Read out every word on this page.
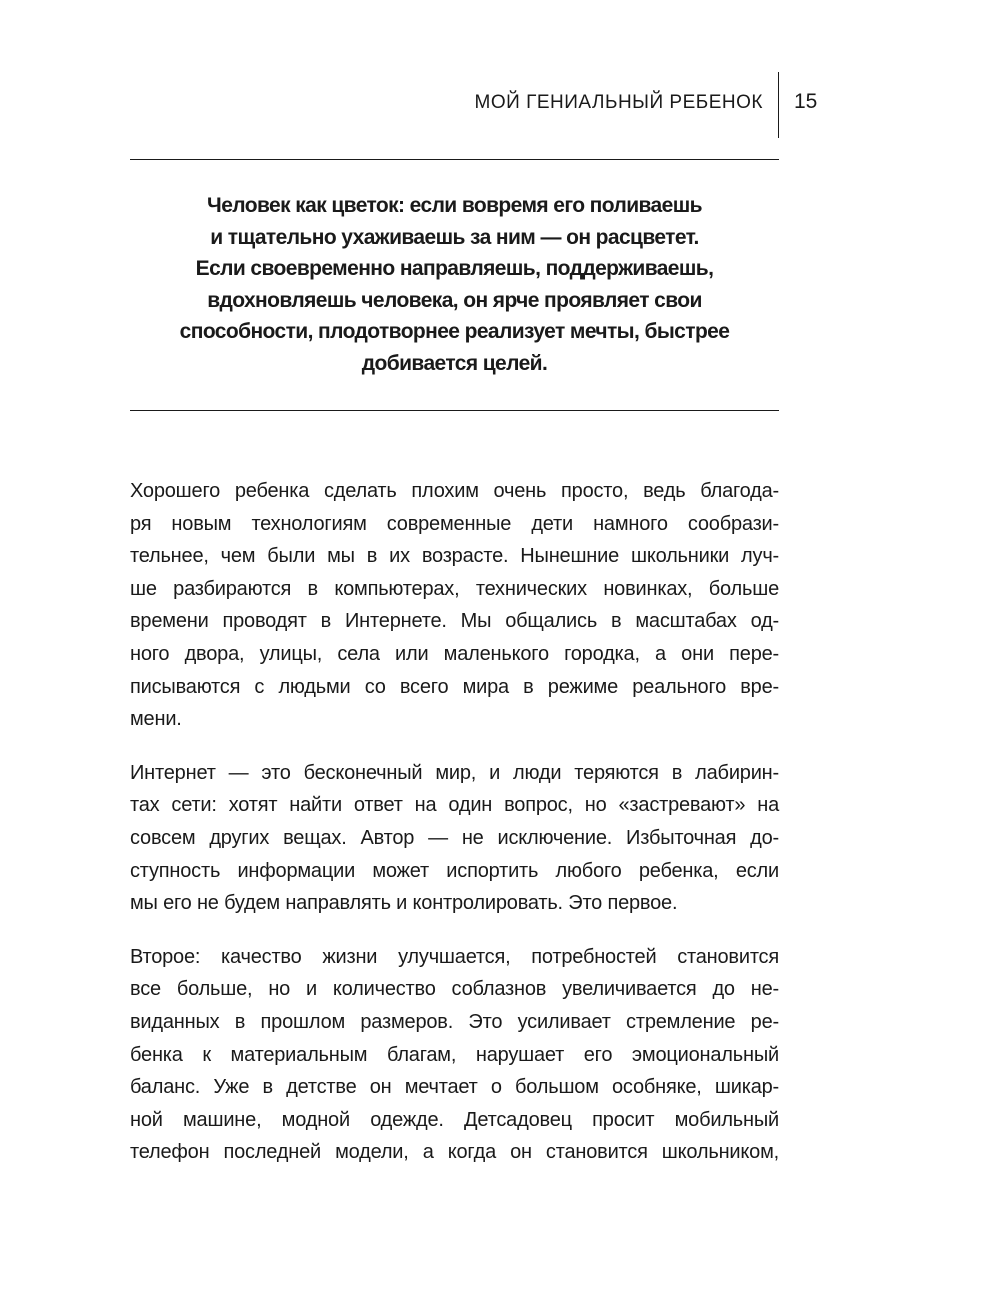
МОЙ ГЕНИАЛЬНЫЙ РЕБЕНОК 15
Человек как цветок: если вовремя его поливаешь
и тщательно ухаживаешь за ним — он расцветет.
Если своевременно направляешь, поддерживаешь,
вдохновляешь человека, он ярче проявляет свои
способности, плодотворнее реализует мечты, быстрее
добивается целей.
Хорошего ребенка сделать плохим очень просто, ведь благода-
ря новым технологиям современные дети намного сообрази-
тельнее, чем были мы в их возрасте. Нынешние школьники луч-
ше разбираются в компьютерах, технических новинках, больше
времени проводят в Интернете. Мы общались в масштабах од-
ного двора, улицы, села или маленького городка, а они пере-
писываются с людьми со всего мира в режиме реального вре-
мени.
Интернет — это бесконечный мир, и люди теряются в лабирин-
тах сети: хотят найти ответ на один вопрос, но «застревают» на
совсем других вещах. Автор — не исключение. Избыточная до-
ступность информации может испортить любого ребенка, если
мы его не будем направлять и контролировать. Это первое.
Второе: качество жизни улучшается, потребностей становится
все больше, но и количество соблазнов увеличивается до не-
виданных в прошлом размеров. Это усиливает стремление ре-
бенка к материальным благам, нарушает его эмоциональный
баланс. Уже в детстве он мечтает о большом особняке, шикар-
ной машине, модной одежде. Детсадовец просит мобильный
телефон последней модели, а когда он становится школьником,
